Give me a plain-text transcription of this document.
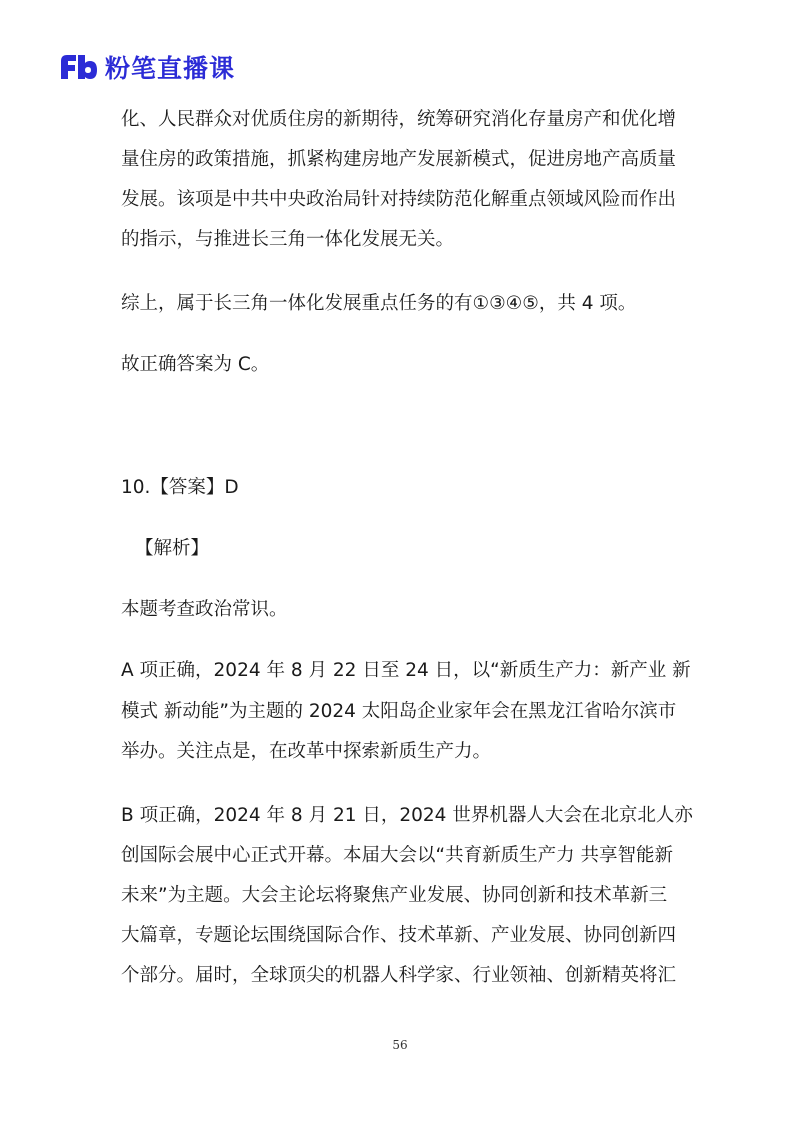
粉笔直播课
化、人民群众对优质住房的新期待，统筹研究消化存量房产和优化增
量住房的政策措施，抓紧构建房地产发展新模式，促进房地产高质量
发展。该项是中共中央政治局针对持续防范化解重点领域风险而作出
的指示，与推进长三角一体化发展无关。
综上，属于长三角一体化发展重点任务的有①③④⑤，共 4 项。
故正确答案为 C。
10.【答案】D
【解析】
本题考查政治常识。
A 项正确，2024 年 8 月 22 日至 24 日，以“新质生产力：新产业 新
模式 新动能”为主题的 2024 太阳岛企业家年会在黑龙江省哈尔滨市
举办。关注点是，在改革中探索新质生产力。
B 项正确，2024 年 8 月 21 日，2024 世界机器人大会在北京北人亦
创国际会展中心正式开幕。本届大会以“共育新质生产力 共享智能新
未来”为主题。大会主论坛将聚焦产业发展、协同创新和技术革新三
大篇章，专题论坛围绕国际合作、技术革新、产业发展、协同创新四
个部分。届时，全球顶尖的机器人科学家、行业领袖、创新精英将汇
56
